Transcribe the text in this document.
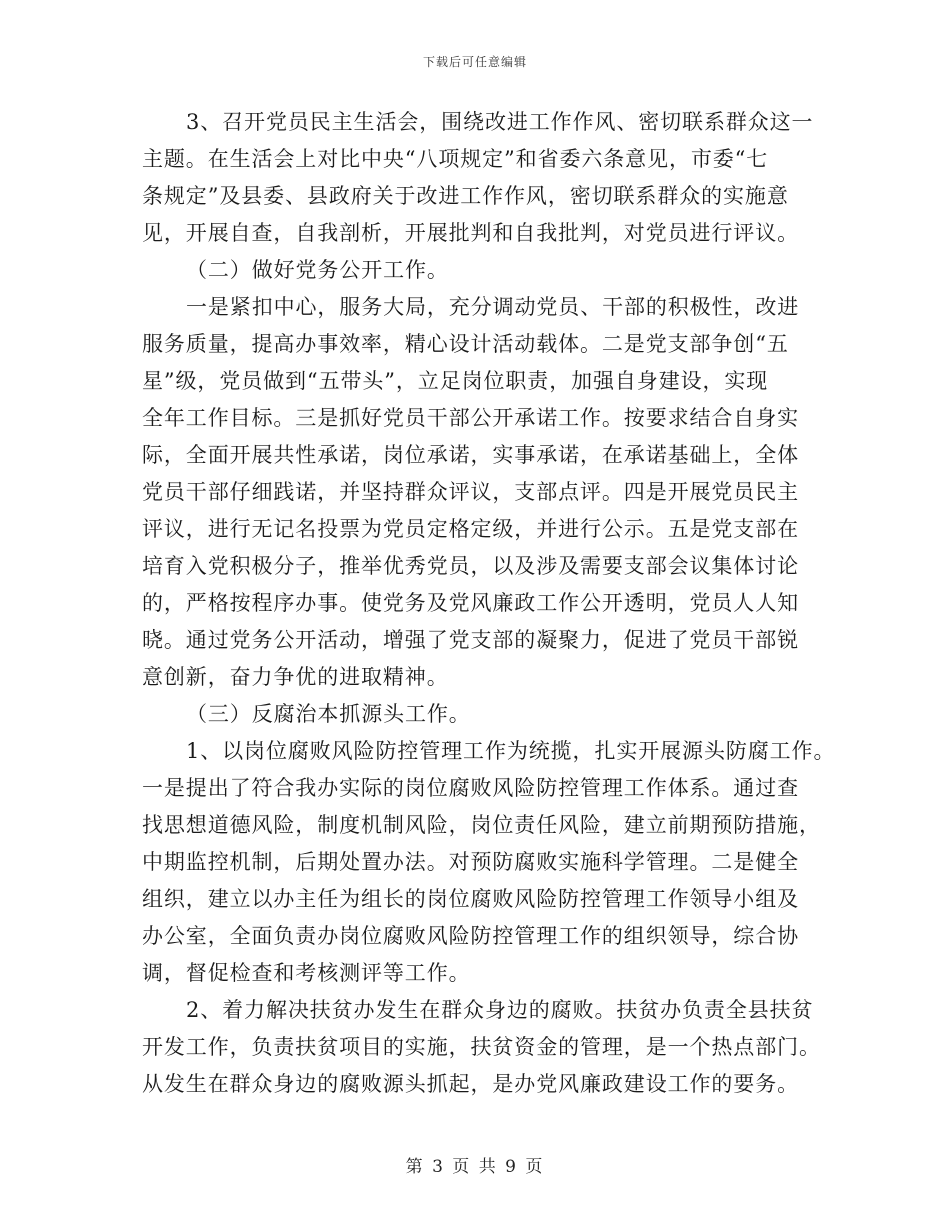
下载后可任意编辑
3、召开党员民主生活会，围绕改进工作作风、密切联系群众这一
主题。在生活会上对比中央“八项规定”和省委六条意见，市委“七
条规定”及县委、县政府关于改进工作作风，密切联系群众的实施意
见，开展自查，自我剖析，开展批判和自我批判，对党员进行评议。
（二）做好党务公开工作。
一是紧扣中心，服务大局，充分调动党员、干部的积极性，改进
服务质量，提高办事效率，精心设计活动载体。二是党支部争创“五
星”级，党员做到“五带头”，立足岗位职责，加强自身建设，实现
全年工作目标。三是抓好党员干部公开承诺工作。按要求结合自身实
际，全面开展共性承诺，岗位承诺，实事承诺，在承诺基础上，全体
党员干部仔细践诺，并坚持群众评议，支部点评。四是开展党员民主
评议，进行无记名投票为党员定格定级，并进行公示。五是党支部在
培育入党积极分子，推举优秀党员，以及涉及需要支部会议集体讨论
的，严格按程序办事。使党务及党风廉政工作公开透明，党员人人知
晓。通过党务公开活动，增强了党支部的凝聚力，促进了党员干部锐
意创新，奋力争优的进取精神。
（三）反腐治本抓源头工作。
1、以岗位腐败风险防控管理工作为统揽，扎实开展源头防腐工作。
一是提出了符合我办实际的岗位腐败风险防控管理工作体系。通过查
找思想道德风险，制度机制风险，岗位责任风险，建立前期预防措施，
中期监控机制，后期处置办法。对预防腐败实施科学管理。二是健全
组织，建立以办主任为组长的岗位腐败风险防控管理工作领导小组及
办公室，全面负责办岗位腐败风险防控管理工作的组织领导，综合协
调，督促检查和考核测评等工作。
2、着力解决扶贫办发生在群众身边的腐败。扶贫办负责全县扶贫
开发工作，负责扶贫项目的实施，扶贫资金的管理，是一个热点部门。
从发生在群众身边的腐败源头抓起，是办党风廉政建设工作的要务。
第 3 页 共 9 页
